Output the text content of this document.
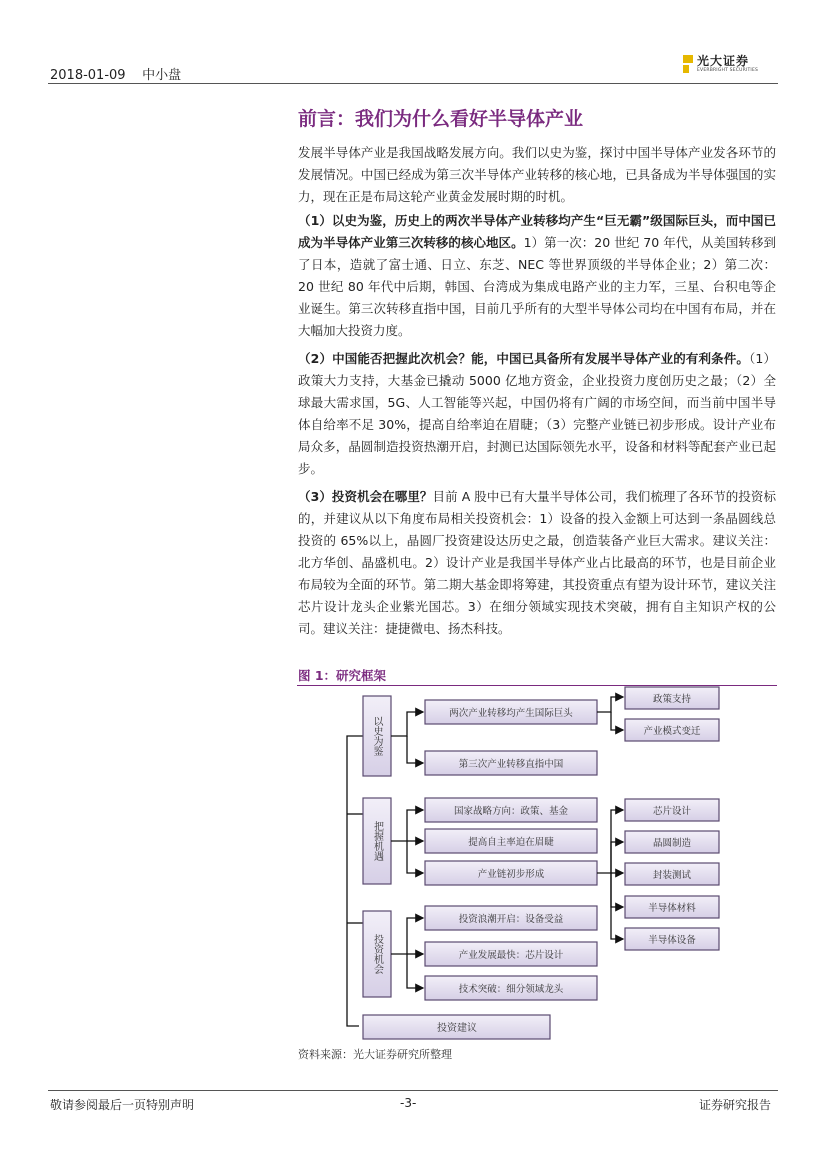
2018-01-09 中小盘
光大证券
EVERBRIGHT SECURITIES
前言：我们为什么看好半导体产业

发展半导体产业是我国战略发展方向。我们以史为鉴，探讨中国半导体产业发各环节的发展情况。中国已经成为第三次半导体产业转移的核心地，已具备成为半导体强国的实力，现在正是布局这轮产业黄金发展时期的时机。

（1）以史为鉴，历史上的两次半导体产业转移均产生“巨无霸”级国际巨头，而中国已成为半导体产业第三次转移的核心地区。1）第一次：20 世纪 70 年代，从美国转移到了日本，造就了富士通、日立、东芝、NEC 等世界顶级的半导体企业；2）第二次：20 世纪 80 年代中后期，韩国、台湾成为集成电路产业的主力军，三星、台积电等企业诞生。第三次转移直指中国，目前几乎所有的大型半导体公司均在中国有布局，并在大幅加大投资力度。

（2）中国能否把握此次机会？能，中国已具备所有发展半导体产业的有利条件。（1）政策大力支持，大基金已撬动 5000 亿地方资金，企业投资力度创历史之最；（2）全球最大需求国，5G、人工智能等兴起，中国仍将有广阔的市场空间，而当前中国半导体自给率不足 30%，提高自给率迫在眉睫；（3）完整产业链已初步形成。设计产业布局众多，晶圆制造投资热潮开启，封测已达国际领先水平，设备和材料等配套产业已起步。

（3）投资机会在哪里？目前 A 股中已有大量半导体公司，我们梳理了各环节的投资标的，并建议从以下角度布局相关投资机会：1）设备的投入金额上可达到一条晶圆线总投资的 65%以上，晶圆厂投资建设达历史之最，创造装备产业巨大需求。建议关注：北方华创、晶盛机电。2）设计产业是我国半导体产业占比最高的环节，也是目前企业布局较为全面的环节。第二期大基金即将筹建，其投资重点有望为设计环节，建议关注芯片设计龙头企业紫光国芯。3）在细分领域实现技术突破，拥有自主知识产权的公司。建议关注：捷捷微电、扬杰科技。

图 1：研究框架
以史为鉴
把握机遇
投资机会
投资建议
两次产业转移均产生国际巨头
第三次产业转移直指中国
国家战略方向：政策、基金
提高自主率迫在眉睫
产业链初步形成
投资浪潮开启：设备受益
产业发展最快：芯片设计
技术突破：细分领域龙头
政策支持
产业模式变迁
芯片设计
晶圆制造
封装测试
半导体材料
半导体设备
资料来源：光大证券研究所整理
敬请参阅最后一页特别声明	-3-	证券研究报告
